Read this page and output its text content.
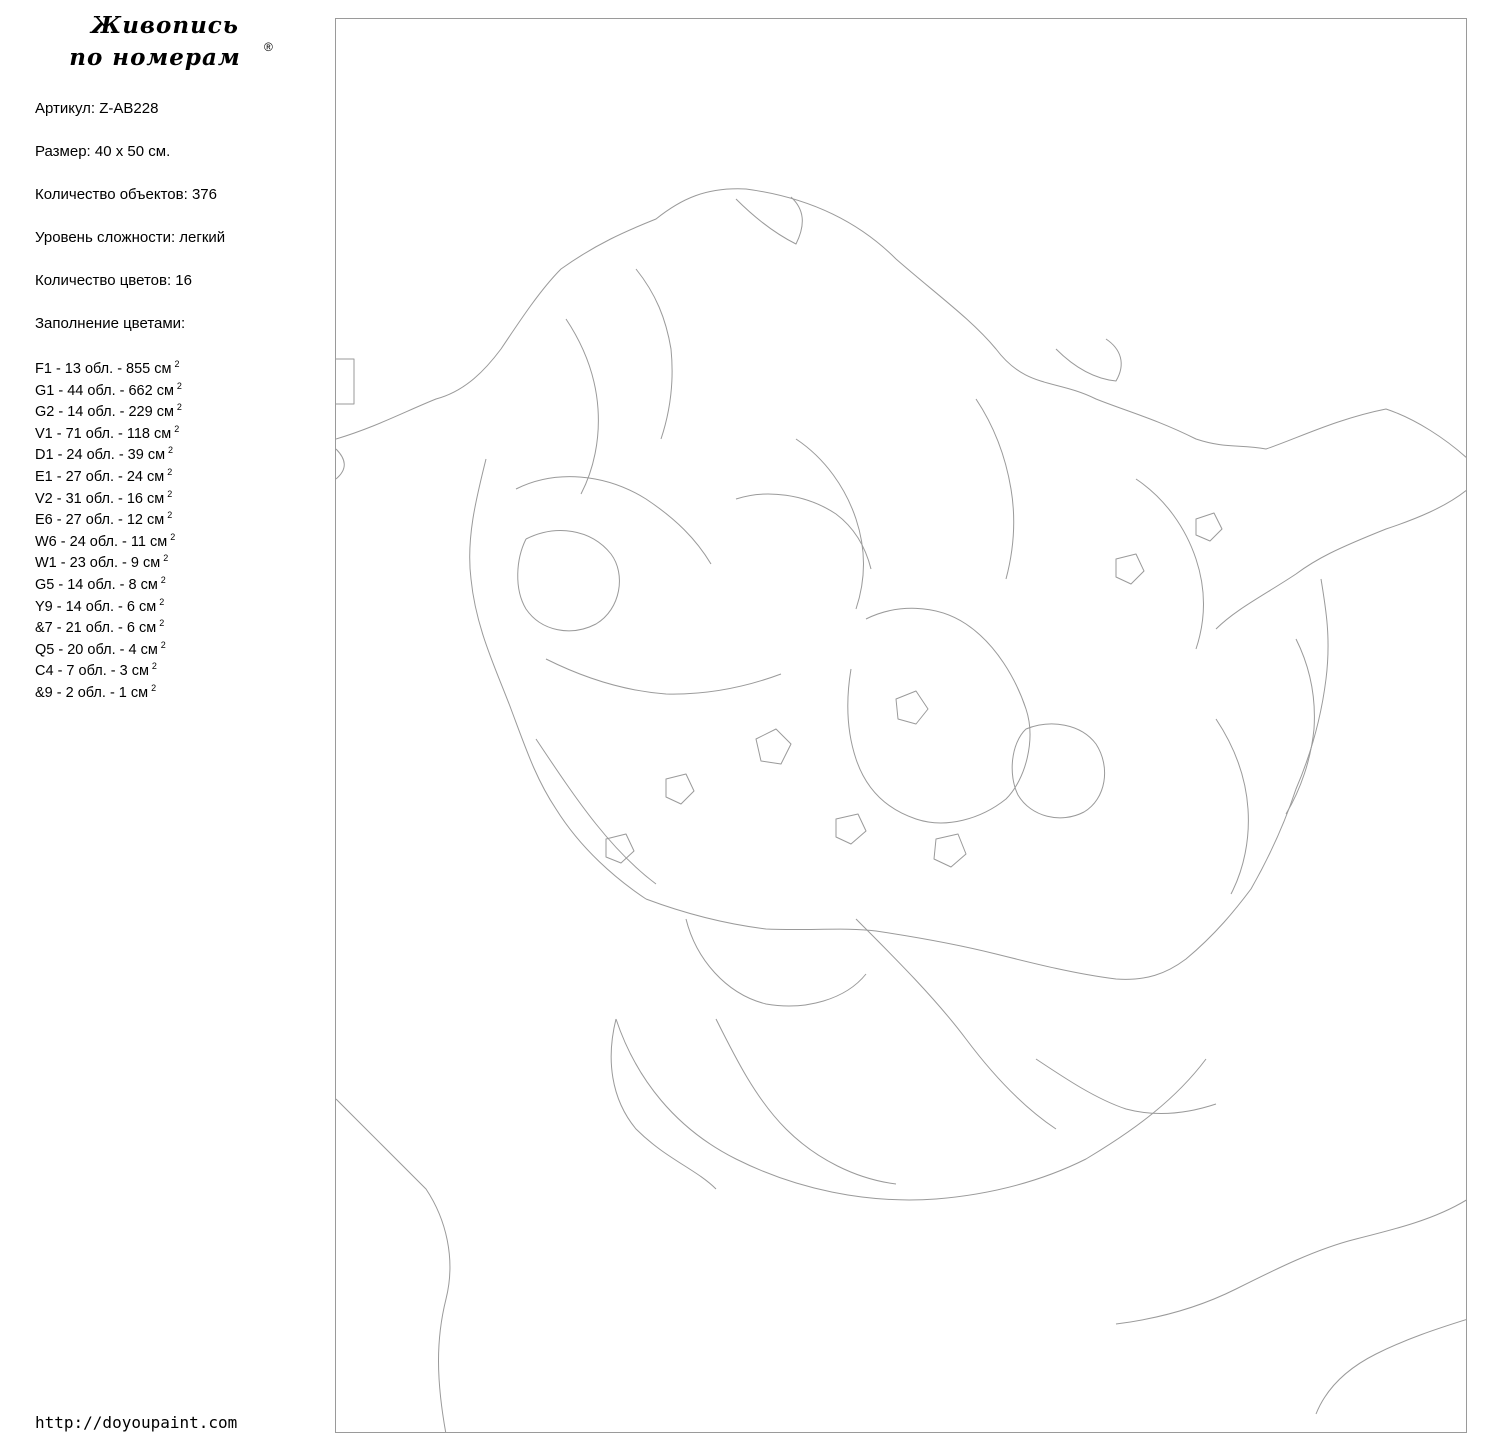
Живопись
по номерам	®
Артикул: Z-AB228
Размер: 40 x 50 см.
Количество объектов: 376
Уровень сложности: легкий
Количество цветов: 16
Заполнение цветами:
F1 - 13 обл. - 855 см $^2$
G1 - 44 обл. - 662 см $^2$
G2 - 14 обл. - 229 см $^2$
V1 - 71 обл. - 118 см $^2$
D1 - 24 обл. - 39 см $^2$
E1 - 27 обл. - 24 см $^2$
V2 - 31 обл. - 16 см $^2$
E6 - 27 обл. - 12 см $^2$
W6 - 24 обл. - 11 см $^2$
W1 - 23 обл. - 9 см $^2$
G5 - 14 обл. - 8 см $^2$
Y9 - 14 обл. - 6 см $^2$
&7 - 21 обл. - 6 см $^2$
Q5 - 20 обл. - 4 см $^2$
C4 - 7 обл. - 3 см $^2$
&9 - 2 обл. - 1 см $^2$
http://doyoupaint.com
